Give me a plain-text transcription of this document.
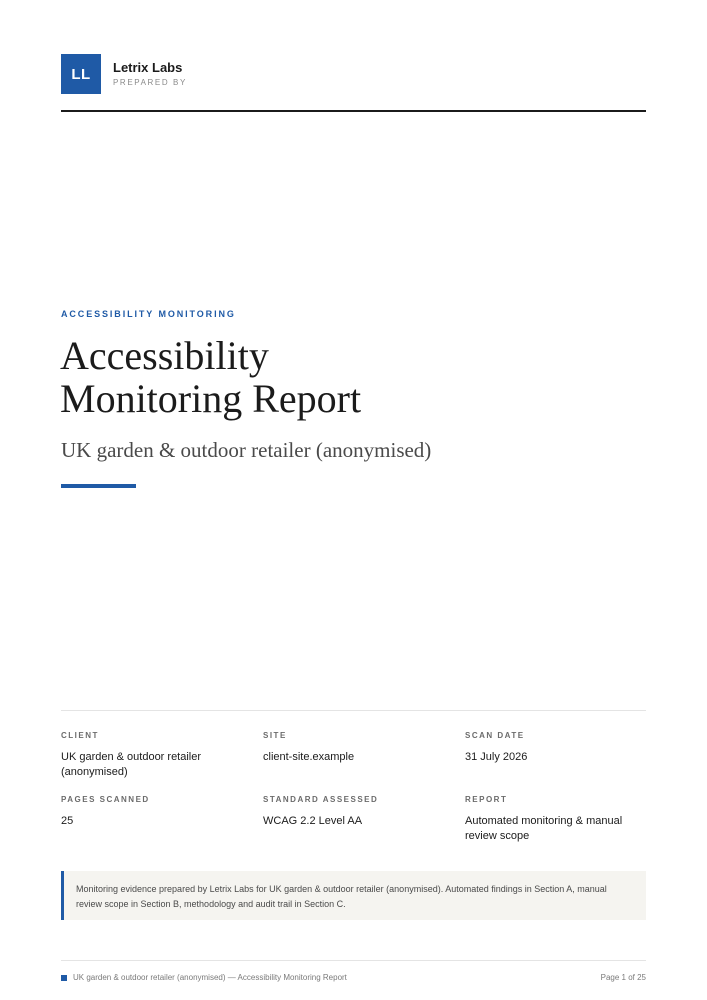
LL Letrix Labs
PREPARED BY
ACCESSIBILITY MONITORING
Accessibility
Monitoring Report
UK garden & outdoor retailer (anonymised)
CLIENT
UK garden & outdoor retailer (anonymised)
SITE
client-site.example
SCAN DATE
31 July 2026
PAGES SCANNED
25
STANDARD ASSESSED
WCAG 2.2 Level AA
REPORT
Automated monitoring & manual review scope
Monitoring evidence prepared by Letrix Labs for UK garden & outdoor retailer (anonymised). Automated findings in Section A, manual review scope in Section B, methodology and audit trail in Section C.
UK garden & outdoor retailer (anonymised) — Accessibility Monitoring Report	Page 1 of 25
